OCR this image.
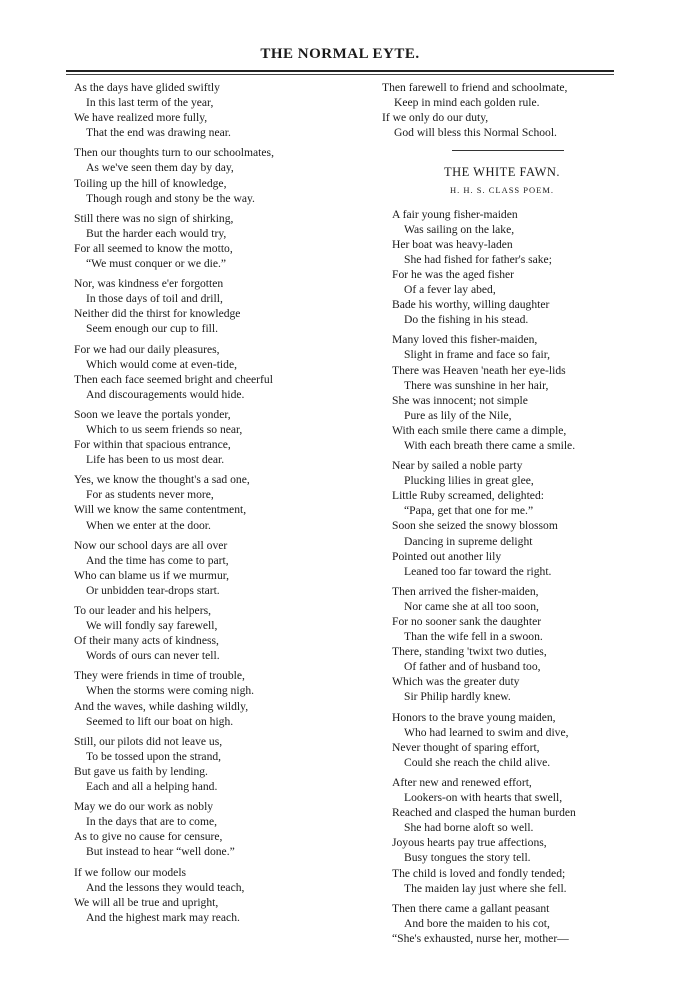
THE NORMAL EYTE.
As the days have glided swiftly
In this last term of the year,
We have realized more fully,
That the end was drawing near.
Then our thoughts turn to our schoolmates,
As we've seen them day by day,
Toiling up the hill of knowledge,
Though rough and stony be the way.
Still there was no sign of shirking,
But the harder each would try,
For all seemed to know the motto,
“We must conquer or we die.”
Nor, was kindness e'er forgotten
In those days of toil and drill,
Neither did the thirst for knowledge
Seem enough our cup to fill.
For we had our daily pleasures,
Which would come at even-tide,
Then each face seemed bright and cheerful
And discouragements would hide.
Soon we leave the portals yonder,
Which to us seem friends so near,
For within that spacious entrance,
Life has been to us most dear.
Yes, we know the thought's a sad one,
For as students never more,
Will we know the same contentment,
When we enter at the door.
Now our school days are all over
And the time has come to part,
Who can blame us if we murmur,
Or unbidden tear-drops start.
To our leader and his helpers,
We will fondly say farewell,
Of their many acts of kindness,
Words of ours can never tell.
They were friends in time of trouble,
When the storms were coming nigh.
And the waves, while dashing wildly,
Seemed to lift our boat on high.
Still, our pilots did not leave us,
To be tossed upon the strand,
But gave us faith by lending.
Each and all a helping hand.
May we do our work as nobly
In the days that are to come,
As to give no cause for censure,
But instead to hear “well done.”
If we follow our models
And the lessons they would teach,
We will all be true and upright,
And the highest mark may reach.
Then farewell to friend and schoolmate,
Keep in mind each golden rule.
If we only do our duty,
God will bless this Normal School.
THE WHITE FAWN.
H. H. S. CLASS POEM.
A fair young fisher-maiden
Was sailing on the lake,
Her boat was heavy-laden
She had fished for father's sake;
For he was the aged fisher
Of a fever lay abed,
Bade his worthy, willing daughter
Do the fishing in his stead.
Many loved this fisher-maiden,
Slight in frame and face so fair,
There was Heaven 'neath her eye-lids
There was sunshine in her hair,
She was innocent; not simple
Pure as lily of the Nile,
With each smile there came a dimple,
With each breath there came a smile.
Near by sailed a noble party
Plucking lilies in great glee,
Little Ruby screamed, delighted:
“Papa, get that one for me.”
Soon she seized the snowy blossom
Dancing in supreme delight
Pointed out another lily
Leaned too far toward the right.
Then arrived the fisher-maiden,
Nor came she at all too soon,
For no sooner sank the daughter
Than the wife fell in a swoon.
There, standing 'twixt two duties,
Of father and of husband too,
Which was the greater duty
Sir Philip hardly knew.
Honors to the brave young maiden,
Who had learned to swim and dive,
Never thought of sparing effort,
Could she reach the child alive.
After new and renewed effort,
Lookers-on with hearts that swell,
Reached and clasped the human burden
She had borne aloft so well.
Joyous hearts pay true affections,
Busy tongues the story tell.
The child is loved and fondly tended;
The maiden lay just where she fell.
Then there came a gallant peasant
And bore the maiden to his cot,
“She's exhausted, nurse her, mother—
